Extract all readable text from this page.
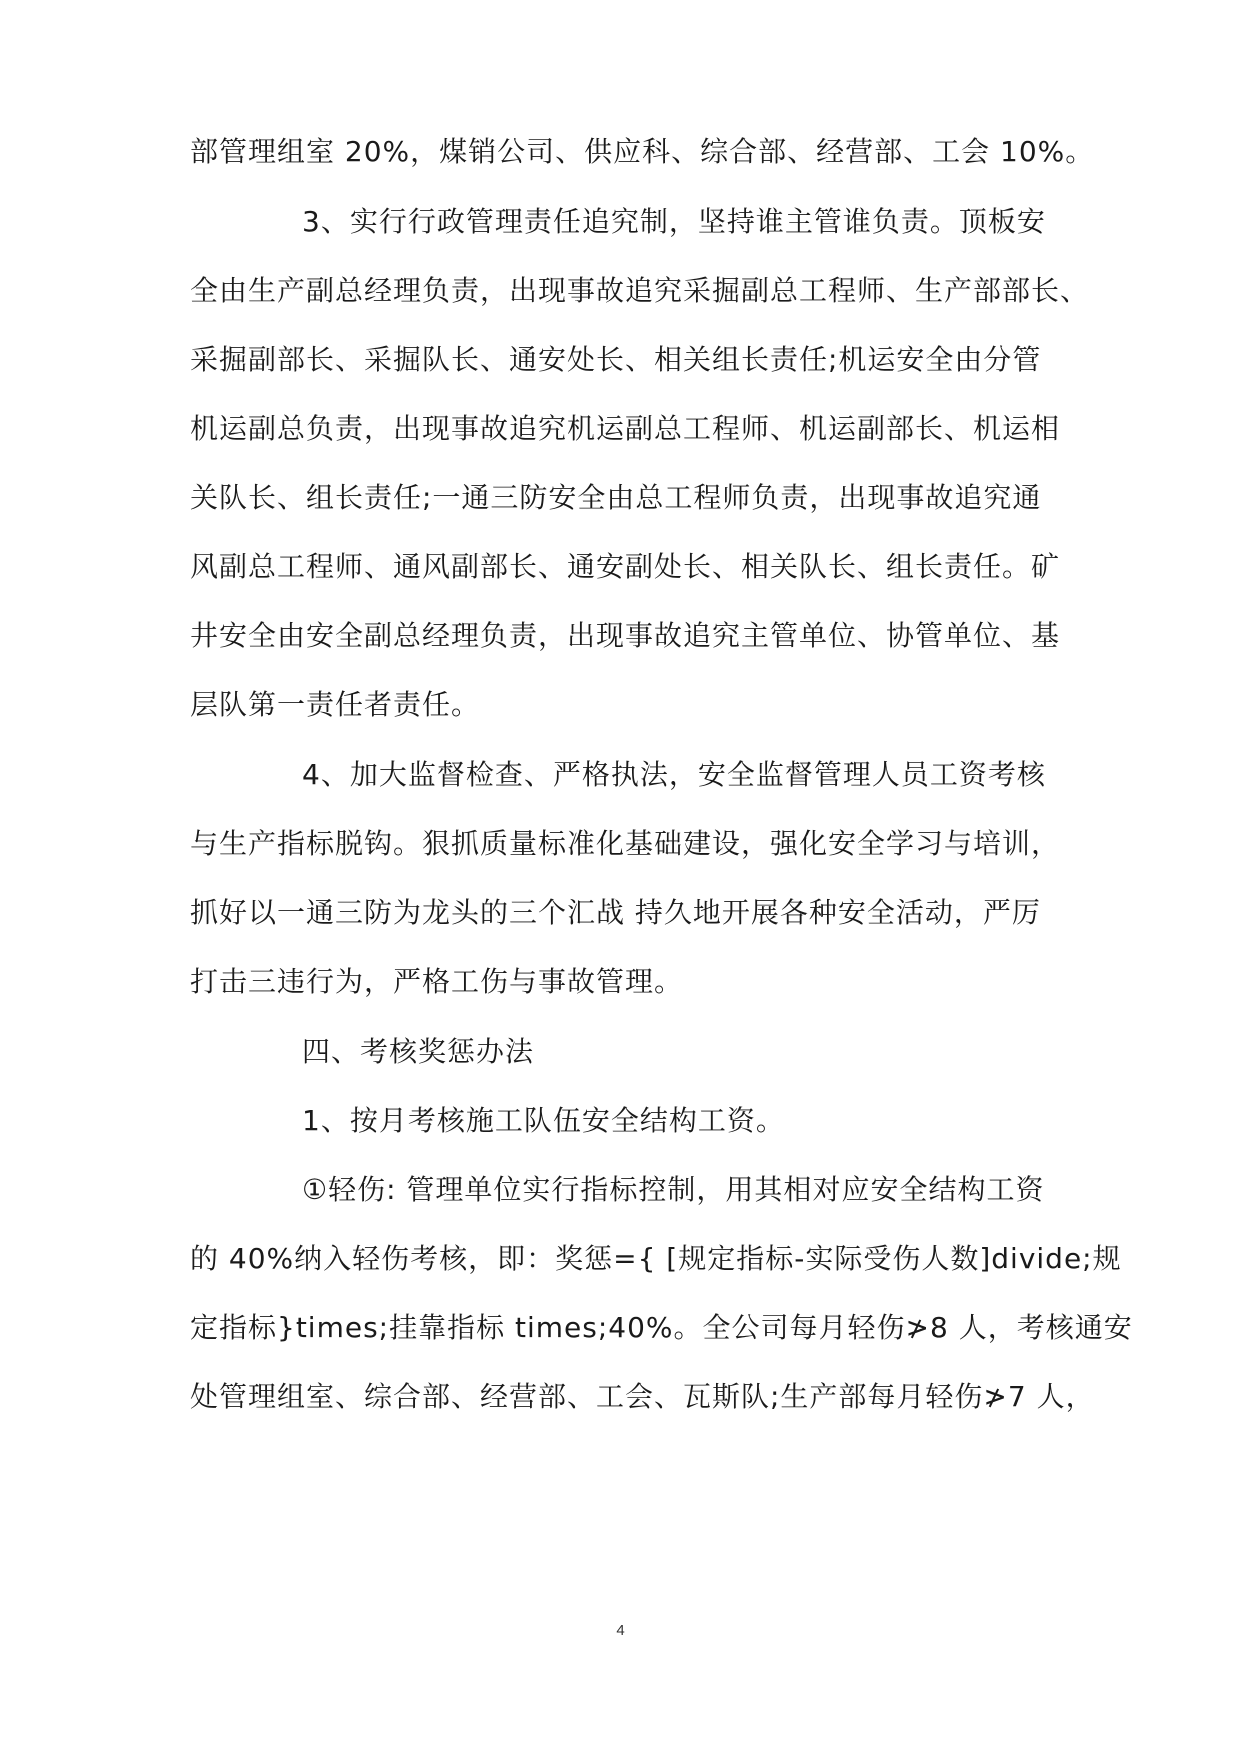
部管理组室 20%，煤销公司、供应科、综合部、经营部、工会 10%。
3、实行行政管理责任追究制，坚持谁主管谁负责。顶板安
全由生产副总经理负责，出现事故追究采掘副总工程师、生产部部长、
采掘副部长、采掘队长、通安处长、相关组长责任;机运安全由分管
机运副总负责，出现事故追究机运副总工程师、机运副部长、机运相
关队长、组长责任;一通三防安全由总工程师负责，出现事故追究通
风副总工程师、通风副部长、通安副处长、相关队长、组长责任。矿
井安全由安全副总经理负责，出现事故追究主管单位、协管单位、基
层队第一责任者责任。
4、加大监督检查、严格执法，安全监督管理人员工资考核
与生产指标脱钩。狠抓质量标准化基础建设，强化安全学习与培训，
抓好以一通三防为龙头的三个汇战 持久地开展各种安全活动，严厉
打击三违行为，严格工伤与事故管理。
四、考核奖惩办法
1、按月考核施工队伍安全结构工资。
①轻伤: 管理单位实行指标控制，用其相对应安全结构工资
的 40%纳入轻伤考核，即：奖惩={ [规定指标-实际受伤人数]divide;规
定指标}times;挂靠指标 times;40%。全公司每月轻伤≯8 人，考核通安
处管理组室、综合部、经营部、工会、瓦斯队;生产部每月轻伤≯7 人，
4
